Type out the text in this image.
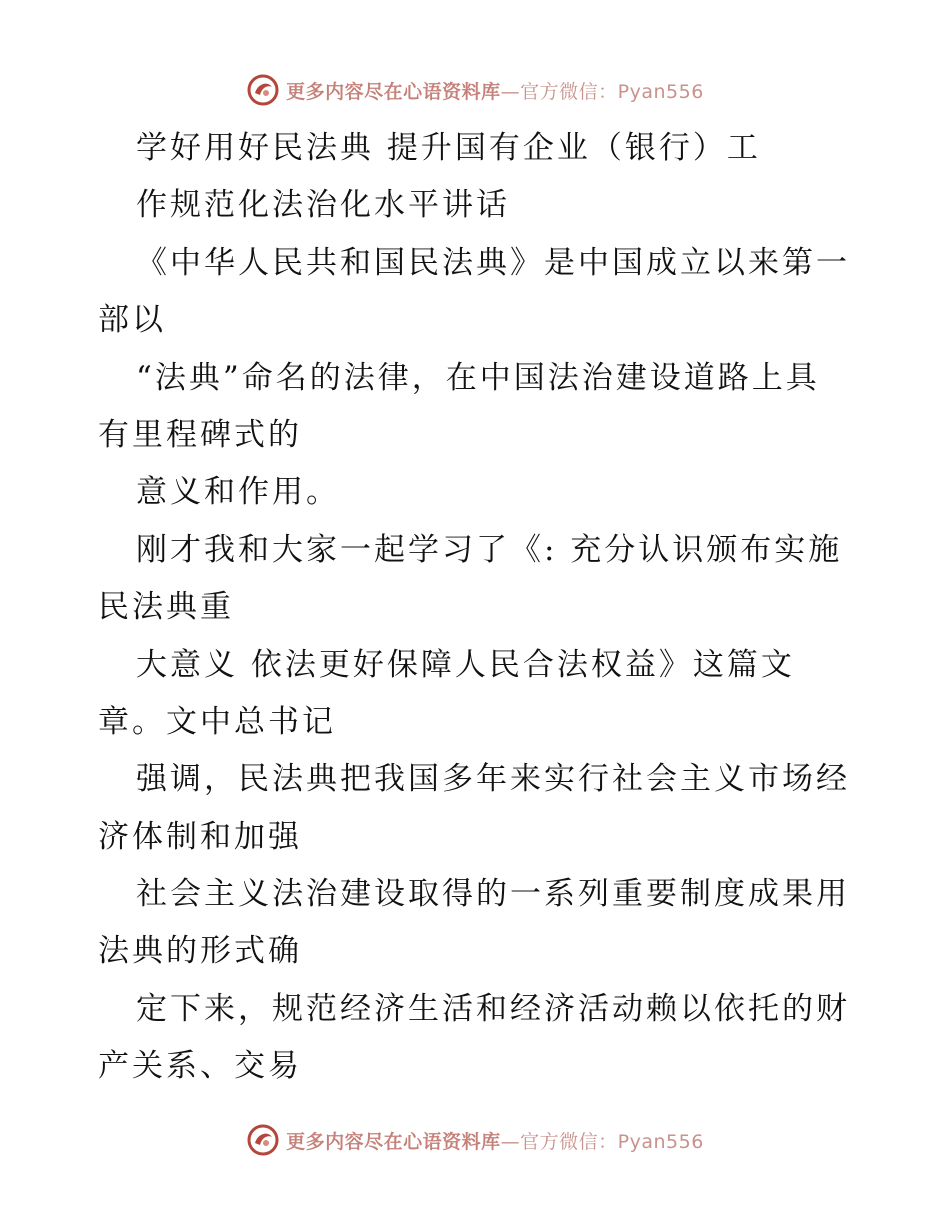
更多内容尽在心语资料库—官方微信：Pyan556
学好用好民法典 提升国有企业（银行）工
作规范化法治化水平讲话
《中华人民共和国民法典》是中国成立以来第一
部以
“法典”命名的法律，在中国法治建设道路上具
有里程碑式的
意义和作用。
刚才我和大家一起学习了《: 充分认识颁布实施
民法典重
大意义 依法更好保障人民合法权益》这篇文
章。文中总书记
强调，民法典把我国多年来实行社会主义市场经
济体制和加强
社会主义法治建设取得的一系列重要制度成果用
法典的形式确
定下来，规范经济生活和经济活动赖以依托的财
产关系、交易
更多内容尽在心语资料库—官方微信：Pyan556
